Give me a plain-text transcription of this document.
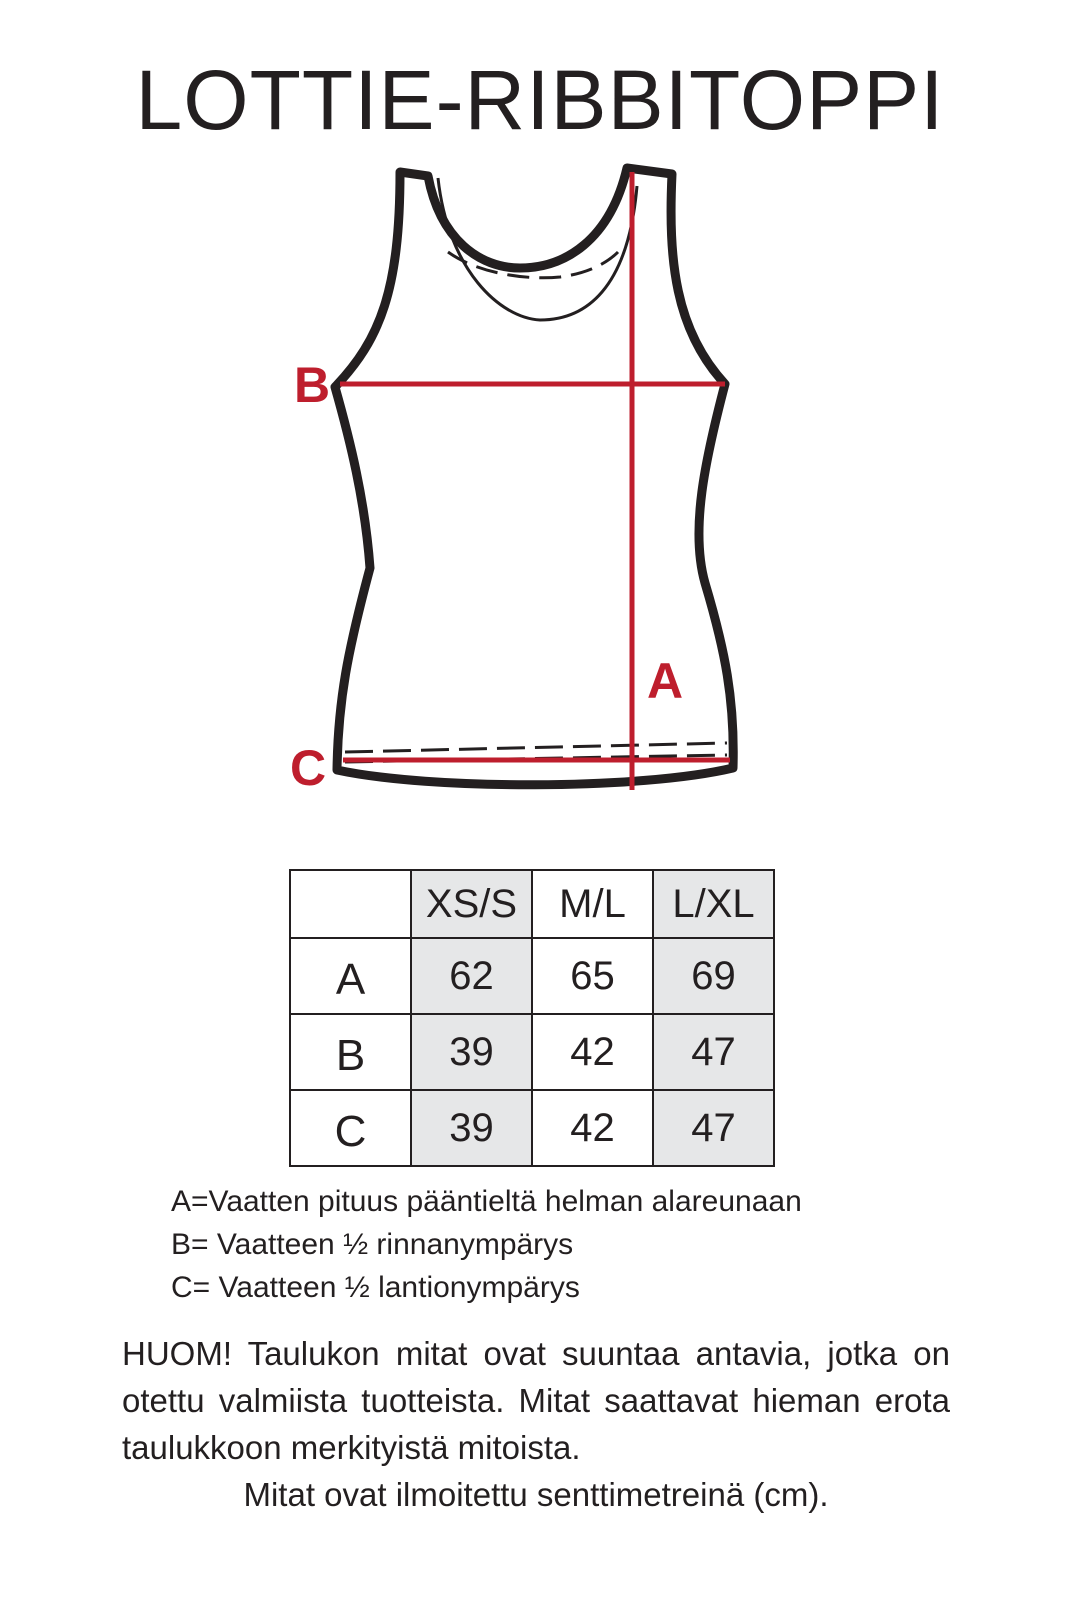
LOTTIE-RIBBITOPPI
A
B
C
	XS/S	M/L	L/XL
A	62	65	69
B	39	42	47
C	39	42	47
A=Vaatten pituus pääntieltä helman alareunaan
B= Vaatteen ½ rinnanympärys
C= Vaatteen ½ lantionympärys
HUOM! Taulukon mitat ovat suuntaa antavia, jotka on otettu valmiista tuotteista. Mitat saattavat hieman erota taulukkoon merkityistä mitoista.
Mitat ovat ilmoitettu senttimetreinä (cm).
